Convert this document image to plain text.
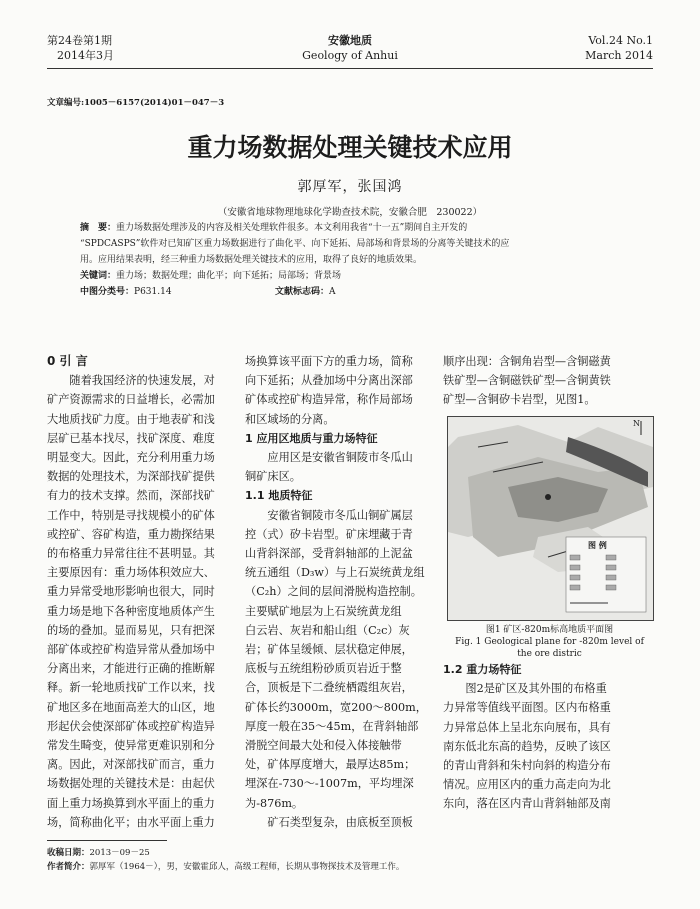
第24卷第1期
2014年3月
安徽地质
Geology of Anhui
Vol.24 No.1
March 2014
文章编号:1005－6157(2014)01－047－3
重力场数据处理关键技术应用
郭厚军，张国鸿
（安徽省地球物理地球化学勘查技术院，安徽合肥　230022）
摘　要：重力场数据处理涉及的内容及相关处理软件很多。本文利用我省“十一五”期间自主开发的
“SPDCASPS”软件对已知矿区重力场数据进行了曲化平、向下延拓、局部场和背景场的分离等关键技术的应
用。应用结果表明，经三种重力场数据处理关键技术的应用，取得了良好的地质效果。
关键词：重力场；数据处理；曲化平；向下延拓；局部场；背景场
中图分类号：P631.14	文献标志码：A
0 引 言
随着我国经济的快速发展，对
矿产资源需求的日益增长，必需加
大地质找矿力度。由于地表矿和浅
层矿已基本找尽，找矿深度、难度
明显变大。因此，充分利用重力场
数据的处理技术，为深部找矿提供
有力的技术支撑。然而，深部找矿
工作中，特别是寻找规模小的矿体
或控矿、容矿构造，重力勘探结果
的布格重力异常往往不甚明显。其
主要原因有：重力场体积效应大、
重力异常受地形影响也很大，同时
重力场是地下各种密度地质体产生
的场的叠加。显而易见，只有把深
部矿体或控矿构造异常从叠加场中
分离出来，才能进行正确的推断解
释。新一轮地质找矿工作以来，找
矿地区多在地面高差大的山区，地
形起伏会使深部矿体或控矿构造异
常发生畸变，使异常更难识别和分
离。因此，对深部找矿而言，重力
场数据处理的关键技术是：由起伏
面上重力场换算到水平面上的重力
场，简称曲化平；由水平面上重力
场换算该平面下方的重力场，简称
向下延拓；从叠加场中分离出深部
矿体或控矿构造异常，称作局部场
和区域场的分离。
1 应用区地质与重力场特征
应用区是安徽省铜陵市冬瓜山
铜矿床区。
1.1 地质特征
安徽省铜陵市冬瓜山铜矿属层
控（式）矽卡岩型。矿床埋藏于青
山背斜深部，受背斜轴部的上泥盆
统五通组（D₃w）与上石炭统黄龙组
（C₂h）之间的层间滑脱构造控制。
主要赋矿地层为上石炭统黄龙组
白云岩、灰岩和船山组（C₂c）灰
岩；矿体呈缓倾、层状稳定伸展，
底板与五统组粉砂质页岩近于整
合，顶板是下二叠统栖霞组灰岩，
矿体长约3000m，宽200～800m，
厚度一般在35～45m，在背斜轴部
滑脱空间最大处和侵入体接触带
处，矿体厚度增大，最厚达85m；
埋深在-730～-1007m，平均埋深
为-876m。
矿石类型复杂，由底板至顶板
顺序出现：含铜角岩型—含铜磁黄
铁矿型—含铜磁铁矿型—含铜黄铁
矿型—含铜矽卡岩型，见图1。
N
图 例
图1 矿区-820m标高地质平面图
Fig. 1 Geological plane for -820m level of
the ore distric
1.2 重力场特征
图2是矿区及其外围的布格重
力异常等值线平面图。区内布格重
力异常总体上呈北东向展布，具有
南东低北东高的趋势，反映了该区
的青山背斜和朱村向斜的构造分布
情况。应用区内的重力高走向为北
东向，落在区内青山背斜轴部及南
收稿日期：2013－09－25
作者简介：郭厚军（1964－），男，安徽霍邱人，高级工程师，长期从事物探技术及管理工作。
